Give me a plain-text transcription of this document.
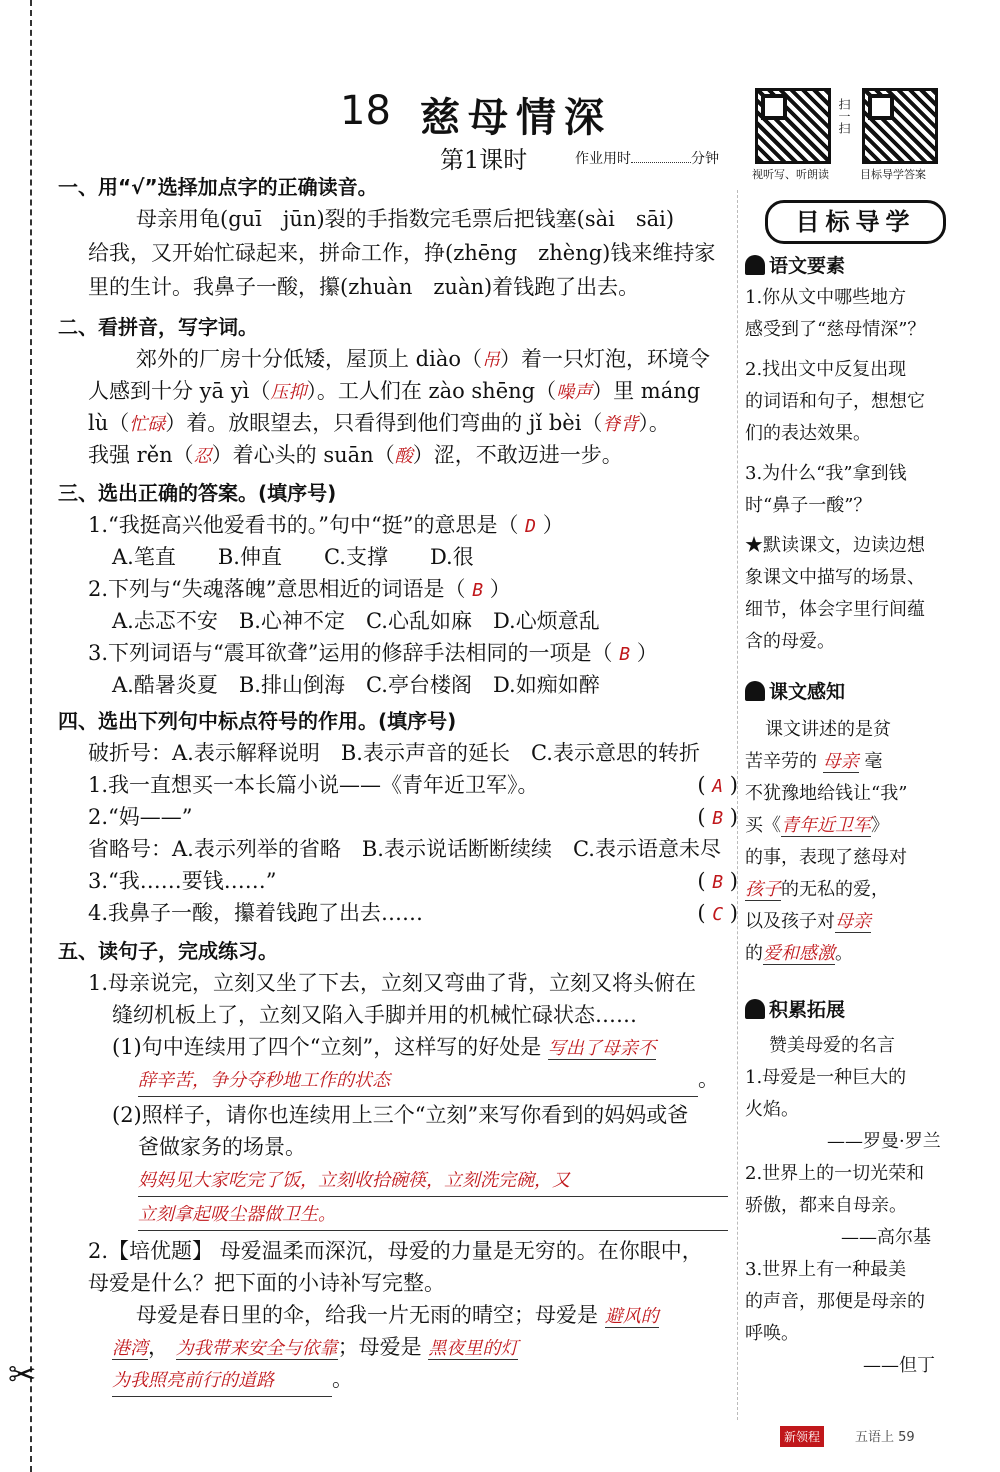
✂
18 慈母情深
第1课时	作业用时	分钟
扫一扫
视听写、听朗读	目标导学答案
一、用“√”选择加点字的正确读音。
母亲用龟(guī　jūn)裂的手指数完毛票后把钱塞(sài　sāi)
给我，又开始忙碌起来，拼命工作，挣(zhēng　zhèng)钱来维持家
里的生计。我鼻子一酸，攥(zhuàn　zuàn)着钱跑了出去。
二、看拼音，写字词。
郊外的厂房十分低矮，屋顶上 diào（吊）着一只灯泡，环境令
人感到十分 yā yì（压抑）。工人们在 zào shēng（噪声）里 máng
lù（忙碌）着。放眼望去，只看得到他们弯曲的 jǐ bèi（脊背）。
我强 rěn（忍）着心头的 suān（酸）涩，不敢迈进一步。
三、选出正确的答案。(填序号)
1.“我挺高兴他爱看书的。”句中“挺”的意思是（ D ）
A.笔直　　B.伸直　　C.支撑　　D.很
2.下列与“失魂落魄”意思相近的词语是（ B ）
A.忐忑不安　B.心神不定　C.心乱如麻　D.心烦意乱
3.下列词语与“震耳欲聋”运用的修辞手法相同的一项是（ B ）
A.酷暑炎夏　B.排山倒海　C.亭台楼阁　D.如痴如醉
四、选出下列句中标点符号的作用。(填序号)
破折号：A.表示解释说明　B.表示声音的延长　C.表示意思的转折
1.我一直想买一本长篇小说——《青年近卫军》。	( A )
2.“妈——”	( B )
省略号：A.表示列举的省略　B.表示说话断断续续　C.表示语意未尽
3.“我……要钱……”	( B )
4.我鼻子一酸，攥着钱跑了出去……	( C )
五、读句子，完成练习。
1.母亲说完，立刻又坐了下去，立刻又弯曲了背，立刻又将头俯在
缝纫机板上了，立刻又陷入手脚并用的机械忙碌状态……
(1)句中连续用了四个“立刻”，这样写的好处是 写出了母亲不
辞辛苦，争分夺秒地工作的状态	。
(2)照样子，请你也连续用上三个“立刻”来写你看到的妈妈或爸
爸做家务的场景。
妈妈见大家吃完了饭，立刻收拾碗筷，立刻洗完碗，又
立刻拿起吸尘器做卫生。
2.【培优题】 母爱温柔而深沉，母爱的力量是无穷的。在你眼中，
母爱是什么？把下面的小诗补写完整。
母爱是春日里的伞，给我一片无雨的晴空；母爱是 避风的
港湾， 为我带来安全与依靠；母爱是 黑夜里的灯
为我照亮前行的道路	。
目标导学
语文要素
1.你从文中哪些地方
感受到了“慈母情深”？
2.找出文中反复出现
的词语和句子，想想它
们的表达效果。
3.为什么“我”拿到钱
时“鼻子一酸”？
★默读课文，边读边想
象课文中描写的场景、
细节，体会字里行间蕴
含的母爱。
课文感知
课文讲述的是贫
苦辛劳的 母亲 毫
不犹豫地给钱让“我”
买《青年近卫军》
的事，表现了慈母对
孩子的无私的爱，
以及孩子对母亲
的爱和感激。
积累拓展
赞美母爱的名言
1.母爱是一种巨大的
火焰。
——罗曼·罗兰
2.世界上的一切光荣和
骄傲，都来自母亲。
——高尔基
3.世界上有一种最美
的声音，那便是母亲的
呼唤。
——但丁
新领程	五语上 59
